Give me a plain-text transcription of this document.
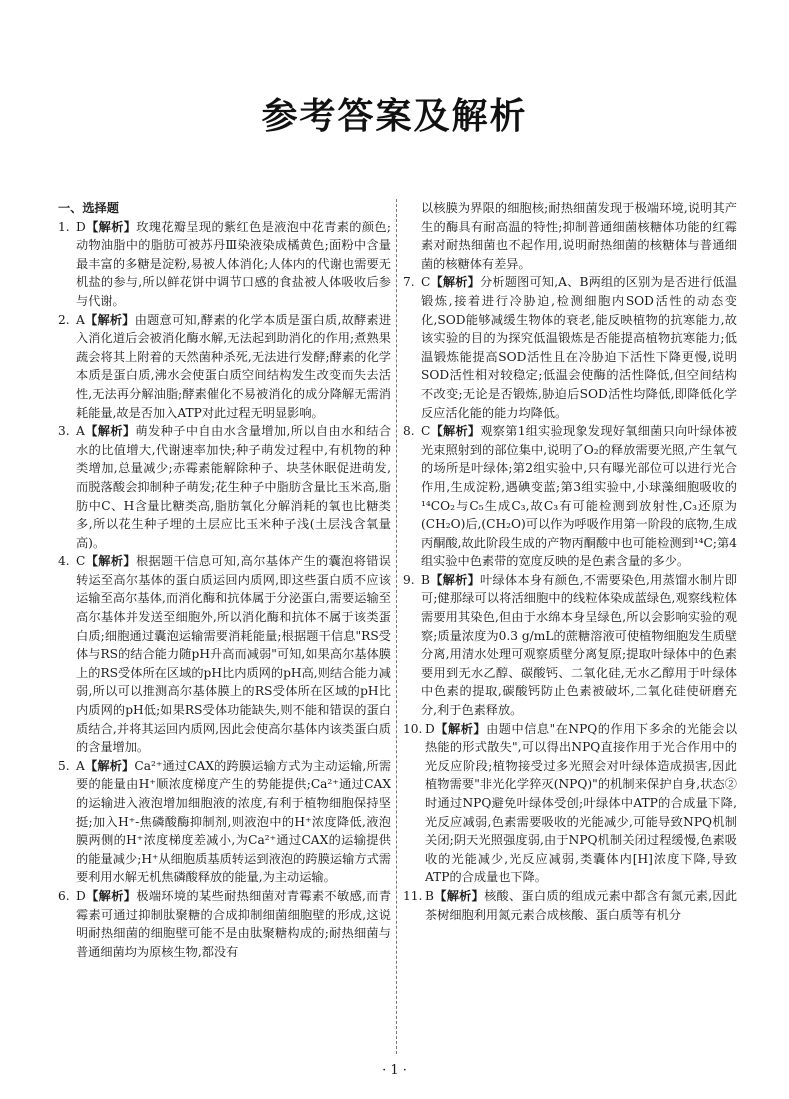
参考答案及解析

一、选择题

1. D【解析】玫瑰花瓣呈现的紫红色是液泡中花青素的颜色;动物油脂中的脂肪可被苏丹Ⅲ染液染成橘黄色;面粉中含量最丰富的多糖是淀粉,易被人体消化;人体内的代谢也需要无机盐的参与,所以鲜花饼中调节口感的食盐被人体吸收后参与代谢。

2. A【解析】由题意可知,酵素的化学本质是蛋白质,故酵素进入消化道后会被消化酶水解,无法起到助消化的作用;煮熟果蔬会将其上附着的天然菌种杀死,无法进行发酵;酵素的化学本质是蛋白质,沸水会使蛋白质空间结构发生改变而失去活性,无法再分解油脂;酵素催化不易被消化的成分降解无需消耗能量,故是否加入ATP对此过程无明显影响。

3. A【解析】萌发种子中自由水含量增加,所以自由水和结合水的比值增大,代谢速率加快;种子萌发过程中,有机物的种类增加,总量减少;赤霉素能解除种子、块茎休眠促进萌发,而脱落酸会抑制种子萌发;花生种子中脂肪含量比玉米高,脂肪中C、H含量比糖类高,脂肪氧化分解消耗的氧也比糖类多,所以花生种子埋的土层应比玉米种子浅(土层浅含氧量高)。

4. C【解析】根据题干信息可知,高尔基体产生的囊泡将错误转运至高尔基体的蛋白质运回内质网,即这些蛋白质不应该运输至高尔基体,而消化酶和抗体属于分泌蛋白,需要运输至高尔基体并发送至细胞外,所以消化酶和抗体不属于该类蛋白质;细胞通过囊泡运输需要消耗能量;根据题干信息"RS受体与RS的结合能力随pH升高而减弱"可知,如果高尔基体膜上的RS受体所在区域的pH比内质网的pH高,则结合能力减弱,所以可以推测高尔基体膜上的RS受体所在区域的pH比内质网的pH低;如果RS受体功能缺失,则不能和错误的蛋白质结合,并将其运回内质网,因此会使高尔基体内该类蛋白质的含量增加。

5. A【解析】Ca²⁺通过CAX的跨膜运输方式为主动运输,所需要的能量由H⁺顺浓度梯度产生的势能提供;Ca²⁺通过CAX的运输进入液泡增加细胞液的浓度,有利于植物细胞保持坚挺;加入H⁺-焦磷酸酶抑制剂,则液泡中的H⁺浓度降低,液泡膜两侧的H⁺浓度梯度差减小,为Ca²⁺通过CAX的运输提供的能量减少;H⁺从细胞质基质转运到液泡的跨膜运输方式需要利用水解无机焦磷酸释放的能量,为主动运输。

6. D【解析】极端环境的某些耐热细菌对青霉素不敏感,而青霉素可通过抑制肽聚糖的合成抑制细菌细胞壁的形成,这说明耐热细菌的细胞壁可能不是由肽聚糖构成的;耐热细菌与普通细菌均为原核生物,都没有

以核膜为界限的细胞核;耐热细菌发现于极端环境,说明其产生的酶具有耐高温的特性;抑制普通细菌核糖体功能的红霉素对耐热细菌也不起作用,说明耐热细菌的核糖体与普通细菌的核糖体有差异。

7. C【解析】分析题图可知,A、B两组的区别为是否进行低温锻炼,接着进行冷胁迫,检测细胞内SOD活性的动态变化,SOD能够减缓生物体的衰老,能反映植物的抗寒能力,故该实验的目的为探究低温锻炼是否能提高植物抗寒能力;低温锻炼能提高SOD活性且在冷胁迫下活性下降更慢,说明SOD活性相对较稳定;低温会使酶的活性降低,但空间结构不改变;无论是否锻炼,胁迫后SOD活性均降低,即降低化学反应活化能的能力均降低。

8. C【解析】观察第1组实验现象发现好氧细菌只向叶绿体被光束照射到的部位集中,说明了O₂的释放需要光照,产生氧气的场所是叶绿体;第2组实验中,只有曝光部位可以进行光合作用,生成淀粉,遇碘变蓝;第3组实验中,小球藻细胞吸收的¹⁴CO₂与C₅生成C₃,故C₃有可能检测到放射性,C₃还原为(CH₂O)后,(CH₂O)可以作为呼吸作用第一阶段的底物,生成丙酮酸,故此阶段生成的产物丙酮酸中也可能检测到¹⁴C;第4组实验中色素带的宽度反映的是色素含量的多少。

9. B【解析】叶绿体本身有颜色,不需要染色,用蒸馏水制片即可;健那绿可以将活细胞中的线粒体染成蓝绿色,观察线粒体需要用其染色,但由于水绵本身呈绿色,所以会影响实验的观察;质量浓度为0.3 g/mL的蔗糖溶液可使植物细胞发生质壁分离,用清水处理可观察质壁分离复原;提取叶绿体中的色素要用到无水乙醇、碳酸钙、二氧化硅,无水乙醇用于叶绿体中色素的提取,碳酸钙防止色素被破坏,二氧化硅使研磨充分,利于色素释放。

10. D【解析】由题中信息"在NPQ的作用下多余的光能会以热能的形式散失",可以得出NPQ直接作用于光合作用中的光反应阶段;植物接受过多光照会对叶绿体造成损害,因此植物需要"非光化学猝灭(NPQ)"的机制来保护自身,状态②时通过NPQ避免叶绿体受创;叶绿体中ATP的合成量下降,光反应减弱,色素需要吸收的光能减少,可能导致NPQ机制关闭;阴天光照强度弱,由于NPQ机制关闭过程缓慢,色素吸收的光能减少,光反应减弱,类囊体内[H]浓度下降,导致ATP的合成量也下降。

11. B【解析】核酸、蛋白质的组成元素中都含有氮元素,因此茶树细胞利用氮元素合成核酸、蛋白质等有机分

· 1 ·
